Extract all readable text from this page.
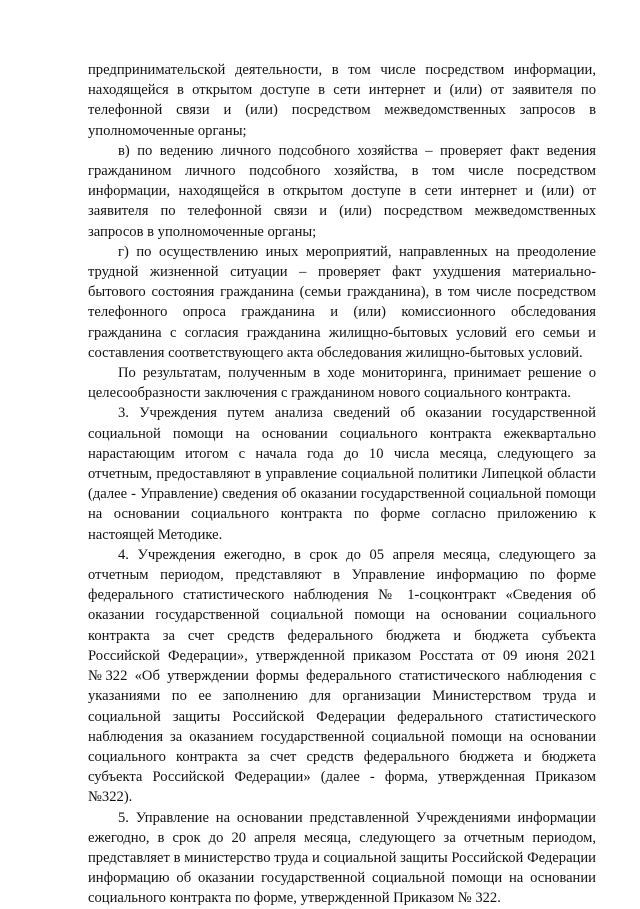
предпринимательской деятельности, в том числе посредством информации, находящейся в открытом доступе в сети интернет и (или) от заявителя по телефонной связи и (или) посредством межведомственных запросов в уполномоченные органы;

в) по ведению личного подсобного хозяйства – проверяет факт ведения гражданином личного подсобного хозяйства, в том числе посредством информации, находящейся в открытом доступе в сети интернет и (или) от заявителя по телефонной связи и (или) посредством межведомственных запросов в уполномоченные органы;

г) по осуществлению иных мероприятий, направленных на преодоление трудной жизненной ситуации – проверяет факт ухудшения материально-бытового состояния гражданина (семьи гражданина), в том числе посредством телефонного опроса гражданина и (или) комиссионного обследования гражданина с согласия гражданина жилищно-бытовых условий его семьи и составления соответствующего акта обследования жилищно-бытовых условий.

По результатам, полученным в ходе мониторинга, принимает решение о целесообразности заключения с гражданином нового социального контракта.

3. Учреждения путем анализа сведений об оказании государственной социальной помощи на основании социального контракта ежеквартально нарастающим итогом с начала года до 10 числа месяца, следующего за отчетным, предоставляют в управление социальной политики Липецкой области (далее - Управление) сведения об оказании государственной социальной помощи на основании социального контракта по форме согласно приложению к настоящей Методике.

4. Учреждения ежегодно, в срок до 05 апреля месяца, следующего за отчетным периодом, представляют в Управление информацию по форме федерального статистического наблюдения № 1-соцконтракт «Сведения об оказании государственной социальной помощи на основании социального контракта за счет средств федерального бюджета и бюджета субъекта Российской Федерации», утвержденной приказом Росстата от 09 июня 2021 №322 «Об утверждении формы федерального статистического наблюдения с указаниями по ее заполнению для организации Министерством труда и социальной защиты Российской Федерации федерального статистического наблюдения за оказанием государственной социальной помощи на основании социального контракта за счет средств федерального бюджета и бюджета субъекта Российской Федерации» (далее - форма, утвержденная Приказом №322).

5. Управление на основании представленной Учреждениями информации ежегодно, в срок до 20 апреля месяца, следующего за отчетным периодом, представляет в министерство труда и социальной защиты Российской Федерации информацию об оказании государственной социальной помощи на основании социального контракта по форме, утвержденной Приказом № 322.
